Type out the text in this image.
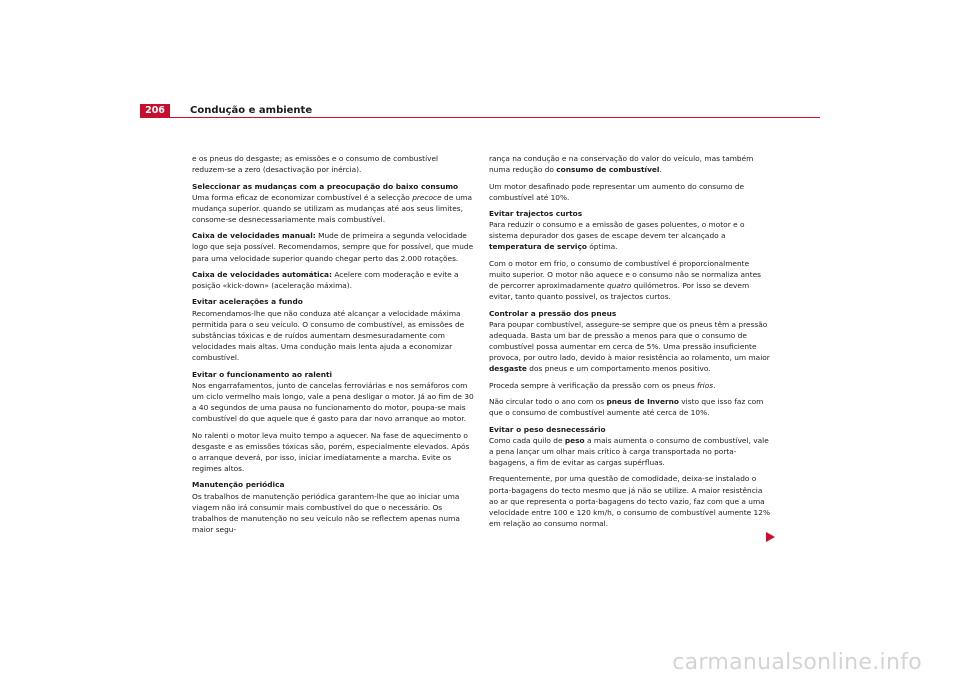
206	Condução e ambiente

e os pneus do desgaste; as emissões e o consumo de combustível reduzem-se a zero (desactivação por inércia).

Seleccionar as mudanças com a preocupação do baixo consumo

Uma forma eficaz de economizar combustível é a selecção precoce de uma mudança superior. quando se utilizam as mudanças até aos seus limites, consome-se desnecessariamente mais combustível.

Caixa de velocidades manual: Mude de primeira a segunda velocidade logo que seja possível. Recomendamos, sempre que for possível, que mude para uma velocidade superior quando chegar perto das 2.000 rotações.

Caixa de velocidades automática: Acelere com moderação e evite a posição «kick-down» (aceleração máxima).

Evitar acelerações a fundo

Recomendamos-lhe que não conduza até alcançar a velocidade máxima permitida para o seu veículo. O consumo de combustível, as emissões de substâncias tóxicas e de ruídos aumentam desmesuradamente com velocidades mais altas. Uma condução mais lenta ajuda a economizar combustível.

Evitar o funcionamento ao ralenti

Nos engarrafamentos, junto de cancelas ferroviárias e nos semáforos com um ciclo vermelho mais longo, vale a pena desligar o motor. Já ao fim de 30 a 40 segundos de uma pausa no funcionamento do motor, poupa-se mais combustível do que aquele que é gasto para dar novo arranque ao motor.

No ralenti o motor leva muito tempo a aquecer. Na fase de aquecimento o desgaste e as emissões tóxicas são, porém, especialmente elevados. Após o arranque deverá, por isso, iniciar imediatamente a marcha. Evite os regimes altos.

Manutenção periódica

Os trabalhos de manutenção periódica garantem-lhe que ao iniciar uma viagem não irá consumir mais combustível do que o necessário. Os trabalhos de manutenção no seu veículo não se reflectem apenas numa maior segu-

rança na condução e na conservação do valor do veículo, mas também numa redução do consumo de combustível.

Um motor desafinado pode representar um aumento do consumo de combustível até 10%.

Evitar trajectos curtos

Para reduzir o consumo e a emissão de gases poluentes, o motor e o sistema depurador dos gases de escape devem ter alcançado a temperatura de serviço óptima.

Com o motor em frio, o consumo de combustível é proporcionalmente muito superior. O motor não aquece e o consumo não se normaliza antes de percorrer aproximadamente quatro quilómetros. Por isso se devem evitar, tanto quanto possível, os trajectos curtos.

Controlar a pressão dos pneus

Para poupar combustível, assegure-se sempre que os pneus têm a pressão adequada. Basta um bar de pressão a menos para que o consumo de combustível possa aumentar em cerca de 5%. Uma pressão insuficiente provoca, por outro lado, devido à maior resistência ao rolamento, um maior desgaste dos pneus e um comportamento menos positivo.

Proceda sempre à verificação da pressão com os pneus frios.

Não circular todo o ano com os pneus de Inverno visto que isso faz com que o consumo de combustível aumente até cerca de 10%.

Evitar o peso desnecessário

Como cada quilo de peso a mais aumenta o consumo de combustível, vale a pena lançar um olhar mais crítico à carga transportada no porta-bagagens, a fim de evitar as cargas supérfluas.

Frequentemente, por uma questão de comodidade, deixa-se instalado o porta-bagagens do tecto mesmo que já não se utilize. A maior resistência ao ar que representa o porta-bagagens do tecto vazio, faz com que a uma velocidade entre 100 e 120 km/h, o consumo de combustível aumente 12% em relação ao consumo normal.

carmanualsonline.info
